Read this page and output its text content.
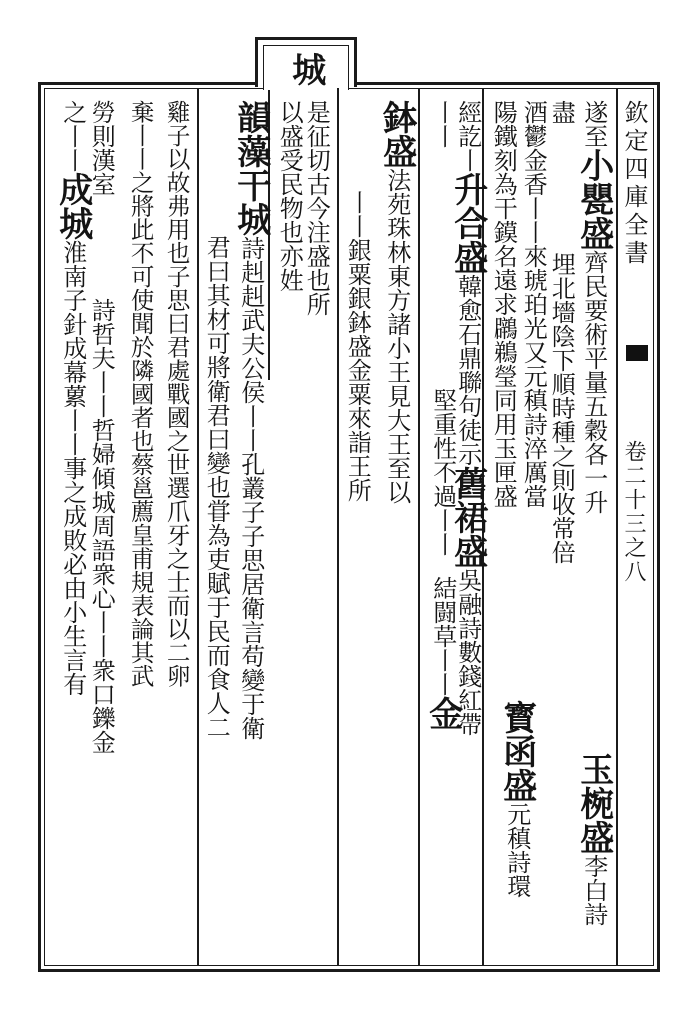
城
欽定四庫全書
卷二十三之八
遂至小甖盛齊民要術平量五穀各一升
盡埋北墻陰下順時種之則收常倍
酒鬱金香丨丨來琥珀光又元稹詩淬厲當
玉椀盛李白詩
陽鐵刻為干鏌名遠求鸊鵜瑩同用玉匣盛
寳函盛元稹詩環
經訖丨升合盛韓愈石鼎聯句徒示舊裙盛吳融詩數錢紅帶
丨丨堅重性不過丨丨結闘草丨丨金
鉢盛法苑珠林東方諸小王見大王至以
丨丨銀粟銀鉢盛金粟來詣王所
是征切古今注盛也所
以盛受民物也亦姓
韻藻干城詩赳赳武夫公侯丨丨孔叢子子思居衛言苟變于衛
君曰其材可將衛君曰變也甞為吏賦于民而食人二
雞子以故弗用也子思曰君處戰國之世選爪牙之士而以二卵
棄丨丨之將此不可使聞於隣國者也蔡邕薦皇甫規表論其武
勞則漢室詩哲夫丨丨哲婦傾城周語衆心丨丨衆口鑠金
之丨丨成城淮南子針成幕蔂丨丨事之成敗必由小生言有
